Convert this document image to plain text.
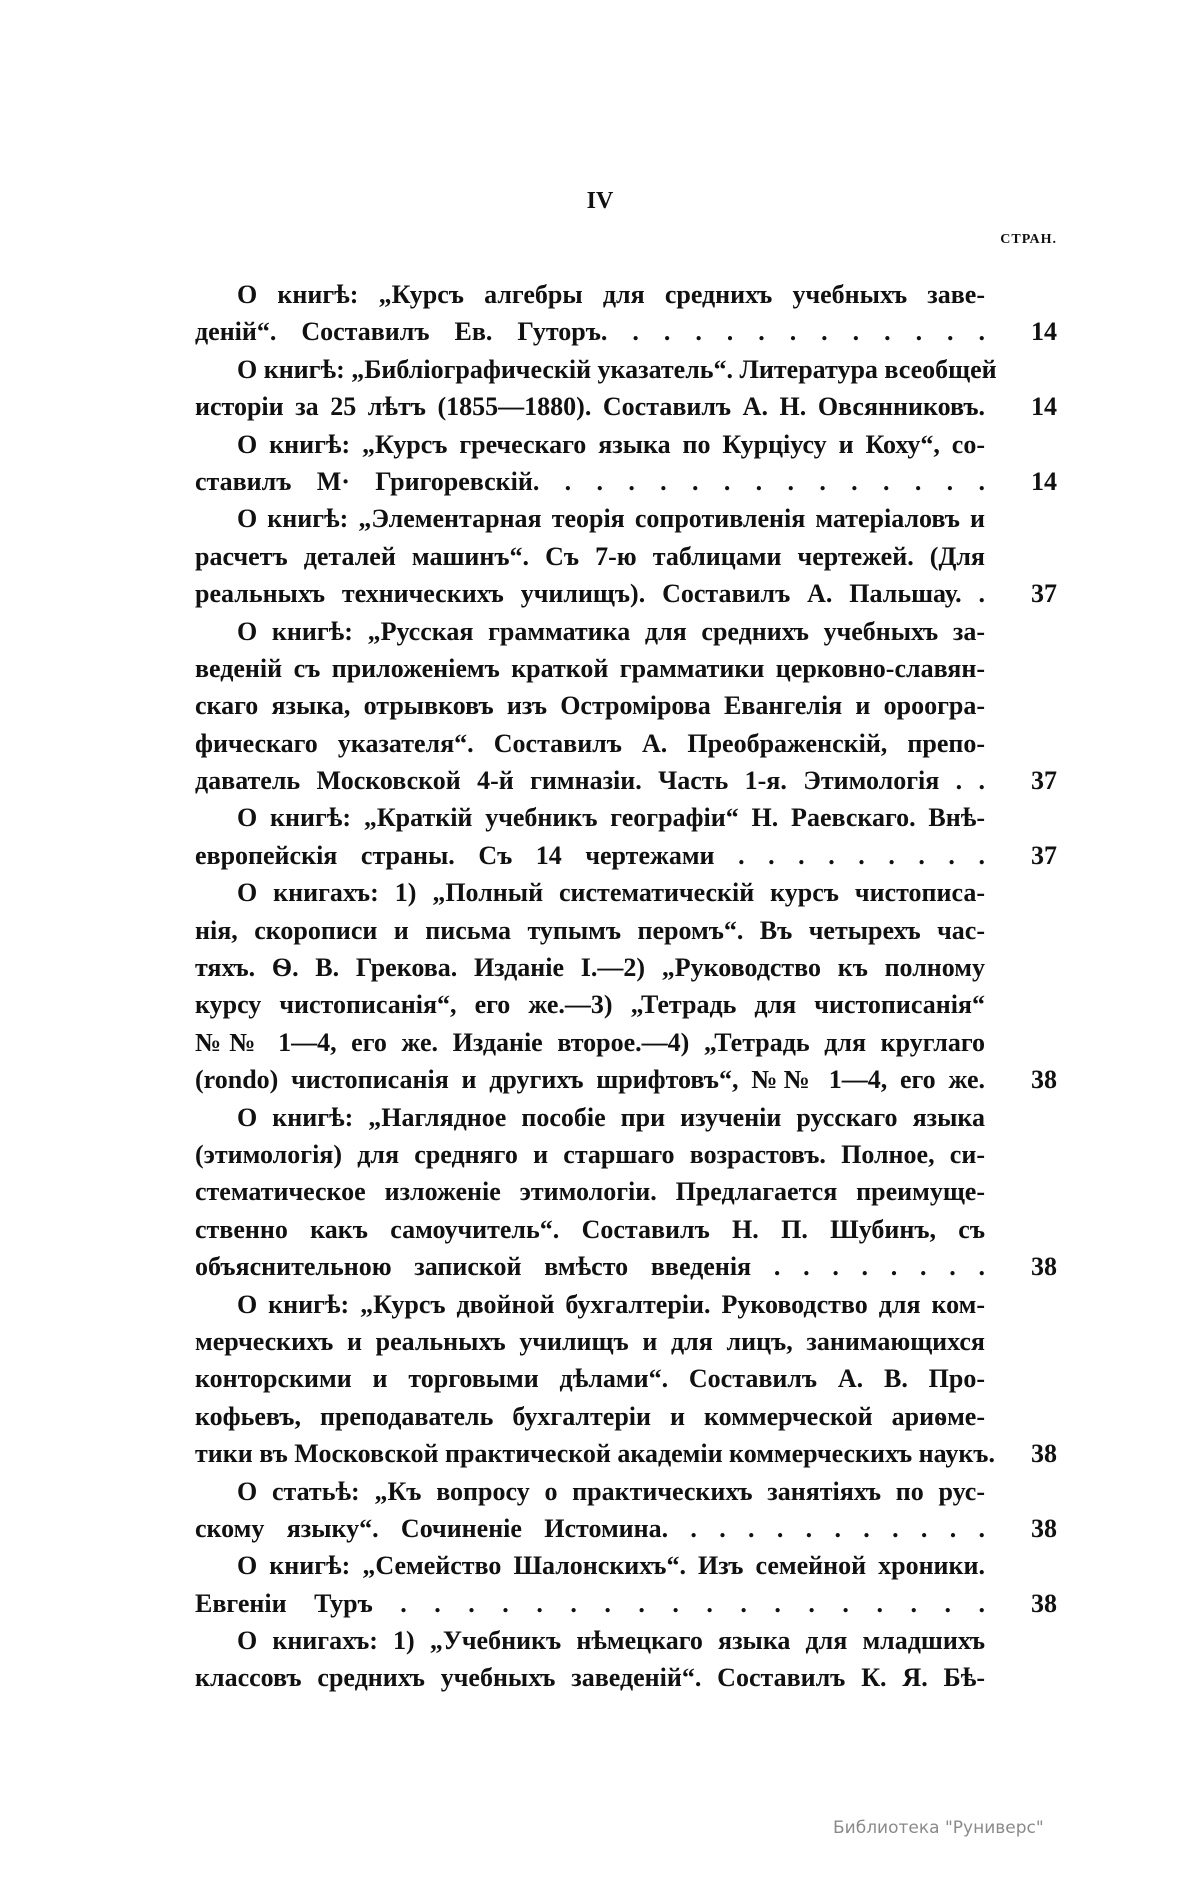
IV
СТРАН.
О книгѣ: „Курсъ алгебры для среднихъ учебныхъ заве-
деній“. Составилъ Ев. Гуторъ. . . . . . . . . . . . . 14
О книгѣ: „Библіографическій указатель“. Литература всеобщей
исторіи за 25 лѣтъ (1855—1880). Составилъ А. Н. Овсянниковъ. 14
О книгѣ: „Курсъ греческаго языка по Курціусу и Коху“, со-
ставилъ М· Григоревскій. . . . . . . . . . . . . . . 14
О книгѣ: „Элементарная теорія сопротивленія матеріаловъ и
расчетъ деталей машинъ“. Съ 7-ю таблицами чертежей. (Для
реальныхъ техническихъ училищъ). Составилъ А. Пальшау. . 37
О книгѣ: „Русская грамматика для среднихъ учебныхъ за-
веденій съ приложеніемъ краткой грамматики церковно-славян-
скаго языка, отрывковъ изъ Остромірова Евангелія и ороогра-
фическаго указателя“. Составилъ А. Преображенскій, препо-
даватель Московской 4-й гимназіи. Часть 1-я. Этимологія . . 37
О книгѣ: „Краткій учебникъ географіи“ Н. Раевскаго. Внѣ-
европейскія страны. Съ 14 чертежами . . . . . . . . . 37
О книгахъ: 1) „Полный систематическій курсъ чистописа-
нія, скорописи и письма тупымъ перомъ“. Въ четырехъ час-
тяхъ. Ѳ. В. Грекова. Изданіе I.—2) „Руководство къ полному
курсу чистописанія“, его же.—3) „Тетрадь для чистописанія“
№№ 1—4, его же. Изданіе второе.—4) „Тетрадь для круглаго
(rondo) чистописанія и другихъ шрифтовъ“, №№ 1—4, его же. 38
О книгѣ: „Наглядное пособіе при изученіи русскаго языка
(этимологія) для средняго и старшаго возрастовъ. Полное, си-
стематическое изложеніе этимологіи. Предлагается преимуще-
ственно какъ самоучитель“. Составилъ Н. П. Шубинъ, съ
объяснительною запиской вмѣсто введенія . . . . . . . . 38
О книгѣ: „Курсъ двойной бухгалтеріи. Руководство для ком-
мерческихъ и реальныхъ училищъ и для лицъ, занимающихся
конторскими и торговыми дѣлами“. Составилъ А. В. Про-
кофьевъ, преподаватель бухгалтеріи и коммерческой ариѳме-
тики въ Московской практической академіи коммерческихъ наукъ. 38
О статьѣ: „Къ вопросу о практическихъ занятіяхъ по рус-
скому языку“. Сочиненіе Истомина. . . . . . . . . . . . 38
О книгѣ: „Семейство Шалонскихъ“. Изъ семейной хроники.
Евгеніи Туръ . . . . . . . . . . . . . . . . . . 38
О книгахъ: 1) „Учебникъ нѣмецкаго языка для младшихъ
классовъ среднихъ учебныхъ заведеній“. Составилъ К. Я. Бѣ-
Библиотека "Руниверс"
